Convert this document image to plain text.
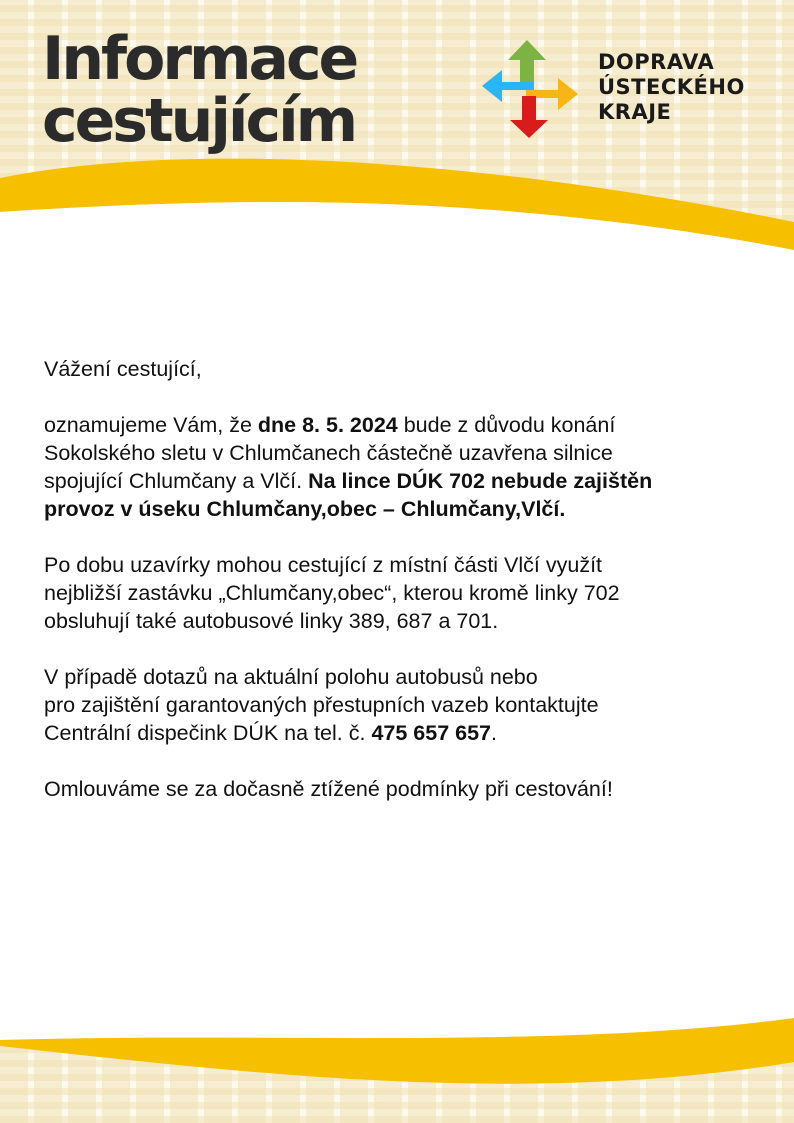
Informace
cestujícím
DOPRAVA
ÚSTECKÉHO
KRAJE

Vážení cestující,

oznamujeme Vám, že dne 8. 5. 2024 bude z důvodu konání
Sokolského sletu v Chlumčanech částečně uzavřena silnice
spojující Chlumčany a Vlčí. Na lince DÚK 702 nebude zajištěn
provoz v úseku Chlumčany,obec – Chlumčany,Vlčí.

Po dobu uzavírky mohou cestující z místní části Vlčí využít
nejbližší zastávku „Chlumčany,obec“, kterou kromě linky 702
obsluhují také autobusové linky 389, 687 a 701.

V případě dotazů na aktuální polohu autobusů nebo
pro zajištění garantovaných přestupních vazeb kontaktujte
Centrální dispečink DÚK na tel. č. 475 657 657.

Omlouváme se za dočasně ztížené podmínky při cestování!
